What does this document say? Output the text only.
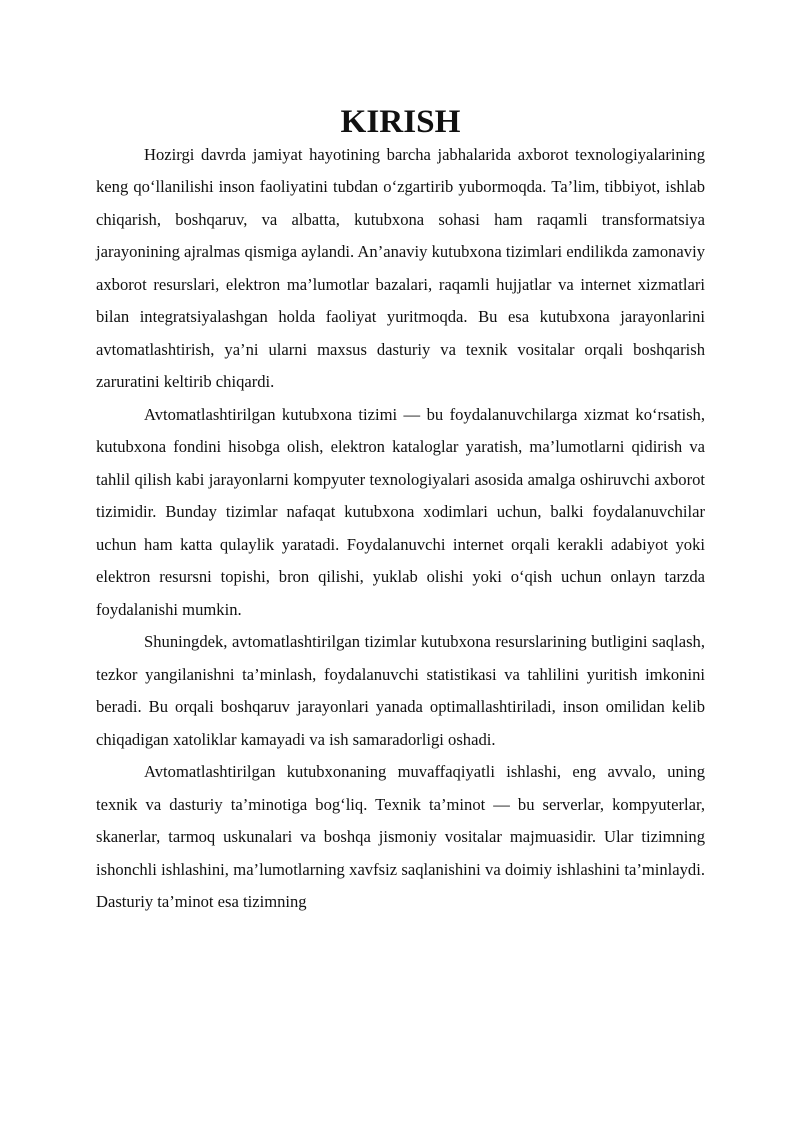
KIRISH

Hozirgi davrda jamiyat hayotining barcha jabhalarida axborot texnologiyalarining keng qo‘llanilishi inson faoliyatini tubdan o‘zgartirib yubormoqda. Ta’lim, tibbiyot, ishlab chiqarish, boshqaruv, va albatta, kutubxona sohasi ham raqamli transformatsiya jarayonining ajralmas qismiga aylandi. An’anaviy kutubxona tizimlari endilikda zamonaviy axborot resurslari, elektron ma’lumotlar bazalari, raqamli hujjatlar va internet xizmatlari bilan integratsiyalashgan holda faoliyat yuritmoqda. Bu esa kutubxona jarayonlarini avtomatlashtirish, ya’ni ularni maxsus dasturiy va texnik vositalar orqali boshqarish zaruratini keltirib chiqardi.

Avtomatlashtirilgan kutubxona tizimi — bu foydalanuvchilarga xizmat ko‘rsatish, kutubxona fondini hisobga olish, elektron kataloglar yaratish, ma’lumotlarni qidirish va tahlil qilish kabi jarayonlarni kompyuter texnologiyalari asosida amalga oshiruvchi axborot tizimidir. Bunday tizimlar nafaqat kutubxona xodimlari uchun, balki foydalanuvchilar uchun ham katta qulaylik yaratadi. Foydalanuvchi internet orqali kerakli adabiyot yoki elektron resursni topishi, bron qilishi, yuklab olishi yoki o‘qish uchun onlayn tarzda foydalanishi mumkin.

Shuningdek, avtomatlashtirilgan tizimlar kutubxona resurslarining butligini saqlash, tezkor yangilanishni ta’minlash, foydalanuvchi statistikasi va tahlilini yuritish imkonini beradi. Bu orqali boshqaruv jarayonlari yanada optimallashtiriladi, inson omilidan kelib chiqadigan xatoliklar kamayadi va ish samaradorligi oshadi.

Avtomatlashtirilgan kutubxonaning muvaffaqiyatli ishlashi, eng avvalo, uning texnik va dasturiy ta’minotiga bog‘liq. Texnik ta’minot — bu serverlar, kompyuterlar, skanerlar, tarmoq uskunalari va boshqa jismoniy vositalar majmuasidir. Ular tizimning ishonchli ishlashini, ma’lumotlarning xavfsiz saqlanishini va doimiy ishlashini ta’minlaydi. Dasturiy ta’minot esa tizimning
